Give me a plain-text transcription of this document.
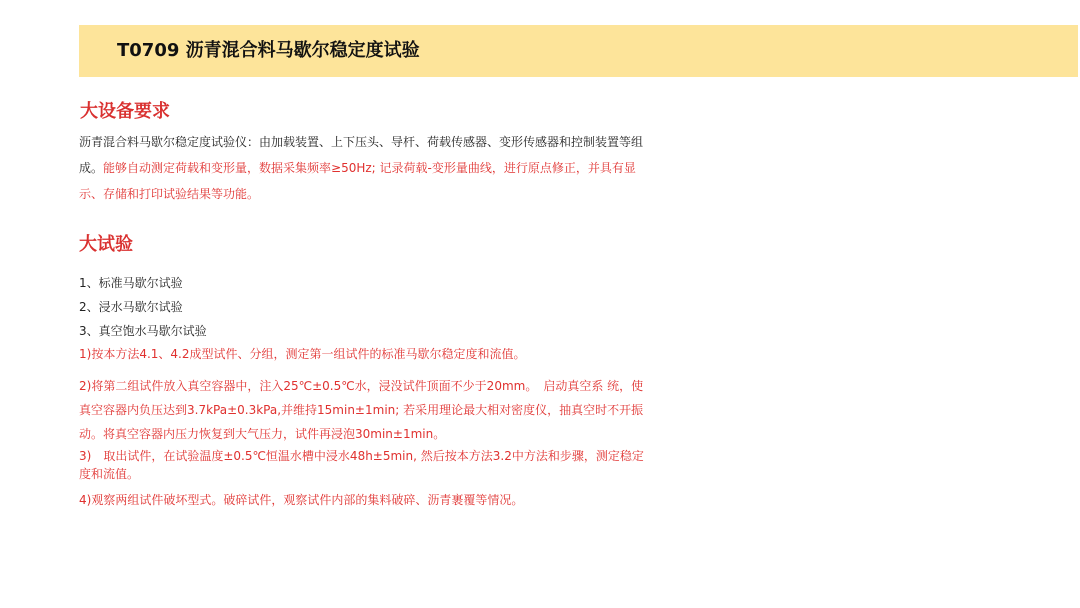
T0709 沥青混合料马歇尔稳定度试验
大设备要求
沥青混合料马歇尔稳定度试验仪：由加载装置、上下压头、导杆、荷载传感器、变形传感器和控制装置等组成。能够自动测定荷载和变形量，数据采集频率≥50Hz; 记录荷载-变形量曲线，进行原点修正，并具有显示、存储和打印试验结果等功能。
大试验
1、标准马歇尔试验
2、浸水马歇尔试验
3、真空饱水马歇尔试验
1)按本方法4.1、4.2成型试件、分组，测定第一组试件的标准马歇尔稳定度和流值。
2)将第二组试件放入真空容器中，注入25℃±0.5℃水，浸没试件顶面不少于20mm。　启动真空系 统，使真空容器内负压达到3.7kPa±0.3kPa,并维持15min±1min; 若采用理论最大相对密度仪，抽真空时不开振动。将真空容器内压力恢复到大气压力，试件再浸泡30min±1min。
3)　取出试件，在试验温度±0.5℃恒温水槽中浸水48h±5min, 然后按本方法3.2中方法和步骤，测定稳定度和流值。
4)观察两组试件破坏型式。破碎试件，观察试件内部的集料破碎、沥青裹覆等情况。
